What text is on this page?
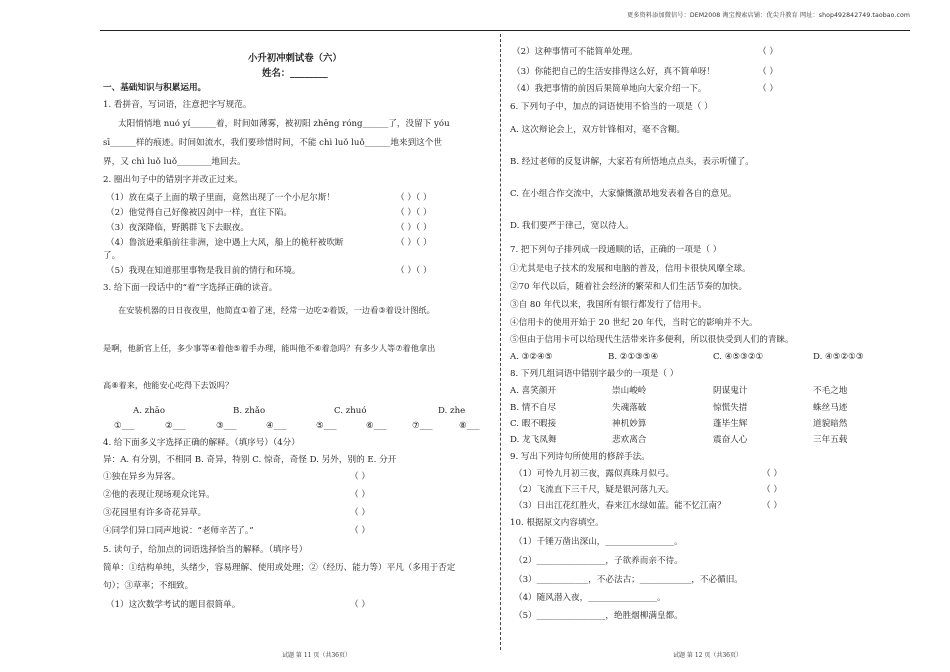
更多资料添加微信号：DEM2008 淘宝搜索店铺：优尖升教育 网址：shop492842749.taobao.com
小升初冲刺试卷（六）
姓名：________
一、基础知识与积累运用。
1. 看拼音，写词语，注意把字写规范。
太阳悄悄地 nuó yí______着，时间如薄雾，被初阳 zhēng róng______了，没留下 yóu
sī______样的痕迹。时间如流水，我们要珍惜时间，不能 chì luǒ luǒ______地来到这个世
界，又 chì luǒ luǒ________地回去。
2. 圈出句子中的错别字并改正过来。
（1）放在桌子上面的墩子里面，竟然出现了一个小尼尔斯！	（ ）（ ）
（2）他觉得自己好像被囚剑中一样，直往下陷。	（ ）（ ）
（3）夜深降临，野鹅群飞下去眠夜。	（ ）（ ）
（4）鲁滨逊乘船前往非洲，途中遇上大风，船上的桅杆被吹断	（ ）（ ）
了。
（5）我现在知道那里事物是我目前的情行和环境。	（ ）（ ）
3. 给下面一段话中的“着”字选择正确的读音。
在安装机器的日日夜夜里，他简直①着了迷，经常一边吃②着饭，一边看③着设计图纸。
是啊，他新官上任，多少事等④着他⑤着手办理，能叫他不⑥着急吗？有多少人等⑦着他拿出
高⑧着来，他能安心吃得下去饭吗？
A. zhāo	B. zhǎo	C. zhuó	D. zhe
①___	②___	③___	④___	⑤___	⑥___	⑦___	⑧___
4. 给下面多义字选择正确的解释。（填序号）（4分）
异：A. 有分别，不相同 B. 奇异，特别 C. 惊奇，奇怪 D. 另外，别的 E. 分开
①独在异乡为异客。	（ ）
②他的表现让现场观众诧异。	（ ）
③花园里有许多奇花异草。	（ ）
④同学们异口同声地说：“老师辛苦了。”	（ ）
5. 读句子，给加点的词语选择恰当的解释。（填序号）
简单：①结构单纯，头绪少，容易理解、使用或处理；②（经历、能力等）平凡（多用于否定
句）；③草率；不细致。
（1）这次数学考试的题目很简单。	（ ）
试题 第 11 页（共36页）
（2）这种事情可不能简单处理。	（ ）
（3）你能把自己的生活安排得这么好，真不简单呀！	（ ）
（4）我把事情的前因后果简单地向大家介绍一下。	（ ）
6. 下列句子中，加点的词语使用不恰当的一项是（ ）
A. 这次辩论会上，双方针锋相对，毫不含糊。
B. 经过老师的反复讲解，大家若有所悟地点点头，表示听懂了。
C. 在小组合作交流中，大家慷慨激昂地发表着各自的意见。
D. 我们要严于律己，宽以待人。
7. 把下列句子排列成一段通顺的话，正确的一项是（ ）
①尤其是电子技术的发展和电脑的普及，信用卡很快风靡全球。
②70 年代以后，随着社会经济的繁荣和人们生活节奏的加快。
③自 80 年代以来，我国所有银行都发行了信用卡。
④信用卡的使用开始于 20 世纪 20 年代，当时它的影响并不大。
⑤但由于信用卡可以给现代生活带来许多便利，所以很快受到人们的青睐。
A. ③②④⑤	B. ②①③⑤④	C. ④⑤③②①	D. ④⑤②①③
8. 下列几组词语中错别字最少的一项是（ ）
A. 喜笑颜开	崇山峻岭	阴谋鬼计	不毛之地
B. 情不自尽	失魂落破	惊慌失措	蛛丝马迹
C. 暇不暇接	神机妙算	蓬毕生辉	道貌暗然
D. 龙飞凤舞	悲欢离合	震奋人心	三年五载
9. 写出下列诗句所使用的修辞手法。
（1）可怜九月初三夜，露似真珠月似弓。	（ ）
（2）飞流直下三千尺，疑是银河落九天。	（ ）
（3）日出江花红胜火，春来江水绿如蓝。能不忆江南？	（ ）
10. 根据原文内容填空。
（1）千锤万凿出深山，________________。
（2）________________，子欲养而亲不待。
（3）____________，不必法古；____________，不必循旧。
（4）随风潜入夜，________________。
（5）________________，绝胜烟柳满皇都。
试题 第 12 页（共36页）
